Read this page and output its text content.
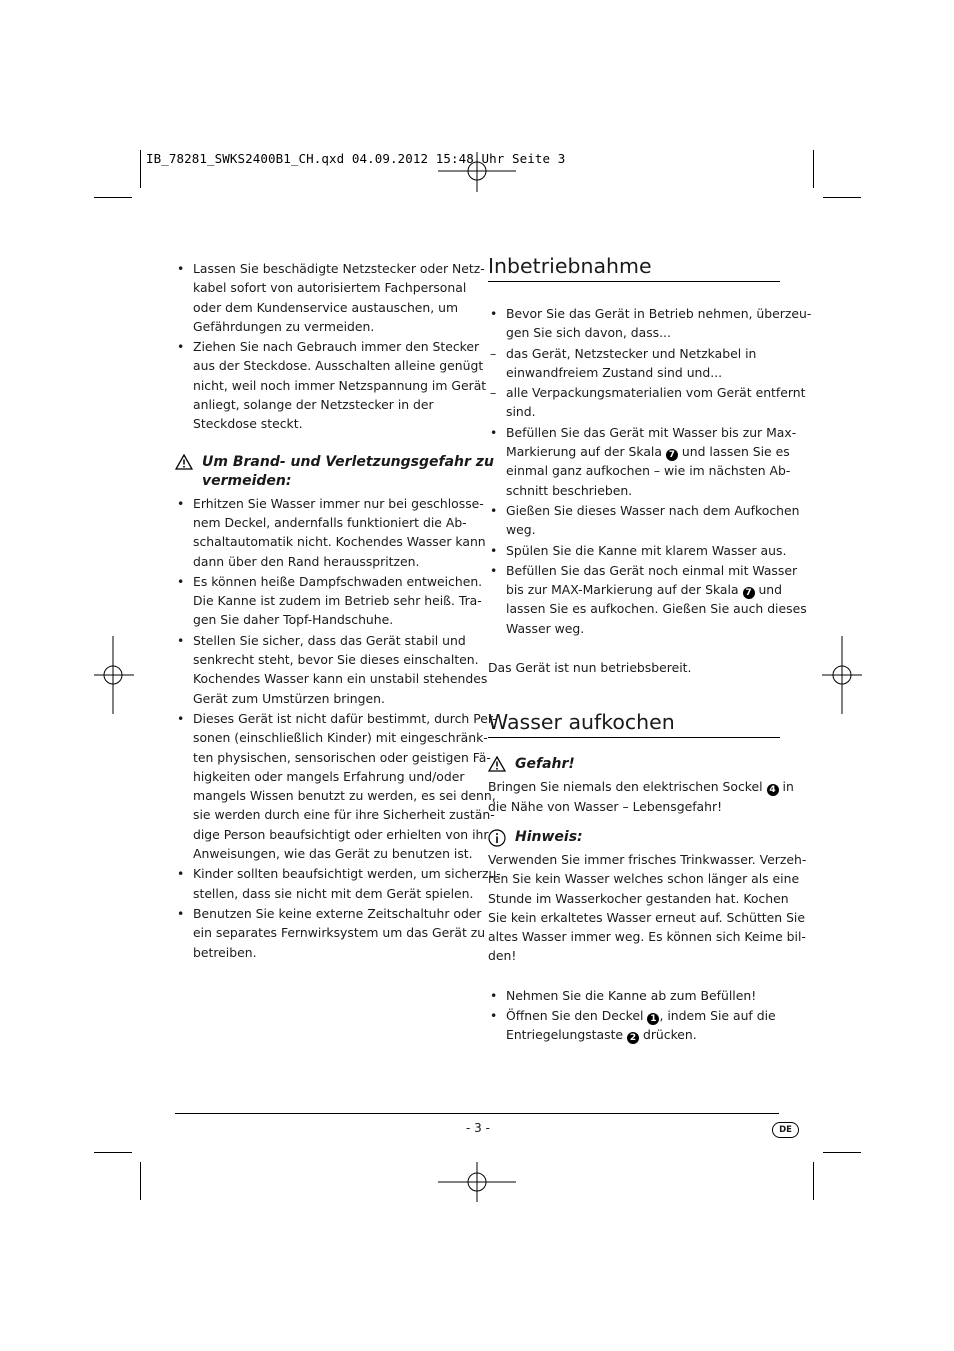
IB_78281_SWKS2400B1_CH.qxd 04.09.2012 15:48 Uhr Seite 3
• Lassen Sie beschädigte Netzstecker oder Netz-
kabel sofort von autorisiertem Fachpersonal
oder dem Kundenservice austauschen, um
Gefährdungen zu vermeiden.
• Ziehen Sie nach Gebrauch immer den Stecker
aus der Steckdose. Ausschalten alleine genügt
nicht, weil noch immer Netzspannung im Gerät
anliegt, solange der Netzstecker in der
Steckdose steckt.
Um Brand- und Verletzungsgefahr zu
vermeiden:
• Erhitzen Sie Wasser immer nur bei geschlosse-
nem Deckel, andernfalls funktioniert die Ab-
schaltautomatik nicht. Kochendes Wasser kann
dann über den Rand herausspritzen.
• Es können heiße Dampfschwaden entweichen.
Die Kanne ist zudem im Betrieb sehr heiß. Tra-
gen Sie daher Topf-Handschuhe.
• Stellen Sie sicher, dass das Gerät stabil und
senkrecht steht, bevor Sie dieses einschalten.
Kochendes Wasser kann ein unstabil stehendes
Gerät zum Umstürzen bringen.
• Dieses Gerät ist nicht dafür bestimmt, durch Per-
sonen (einschließlich Kinder) mit eingeschränk-
ten physischen, sensorischen oder geistigen Fä-
higkeiten oder mangels Erfahrung und/oder
mangels Wissen benutzt zu werden, es sei denn,
sie werden durch eine für ihre Sicherheit zustän-
dige Person beaufsichtigt oder erhielten von ihr
Anweisungen, wie das Gerät zu benutzen ist.
• Kinder sollten beaufsichtigt werden, um sicherzu-
stellen, dass sie nicht mit dem Gerät spielen.
• Benutzen Sie keine externe Zeitschaltuhr oder
ein separates Fernwirksystem um das Gerät zu
betreiben.
Inbetriebnahme
• Bevor Sie das Gerät in Betrieb nehmen, überzeu-
gen Sie sich davon, dass...
– das Gerät, Netzstecker und Netzkabel in
einwandfreiem Zustand sind und...
– alle Verpackungsmaterialien vom Gerät entfernt
sind.
• Befüllen Sie das Gerät mit Wasser bis zur Max-
Markierung auf der Skala 7 und lassen Sie es
einmal ganz aufkochen – wie im nächsten Ab-
schnitt beschrieben.
• Gießen Sie dieses Wasser nach dem Aufkochen
weg.
• Spülen Sie die Kanne mit klarem Wasser aus.
• Befüllen Sie das Gerät noch einmal mit Wasser
bis zur MAX-Markierung auf der Skala 7 und
lassen Sie es aufkochen. Gießen Sie auch dieses
Wasser weg.

Das Gerät ist nun betriebsbereit.

Wasser aufkochen
Gefahr!

Bringen Sie niemals den elektrischen Sockel 4 in
die Nähe von Wasser – Lebensgefahr!

Hinweis:

Verwenden Sie immer frisches Trinkwasser. Verzeh-
ren Sie kein Wasser welches schon länger als eine
Stunde im Wasserkocher gestanden hat. Kochen
Sie kein erkaltetes Wasser erneut auf. Schütten Sie
altes Wasser immer weg. Es können sich Keime bil-
den!

• Nehmen Sie die Kanne ab zum Befüllen!
• Öffnen Sie den Deckel 1 , indem Sie auf die
Entriegelungstaste 2 drücken.
- 3 -	DE
